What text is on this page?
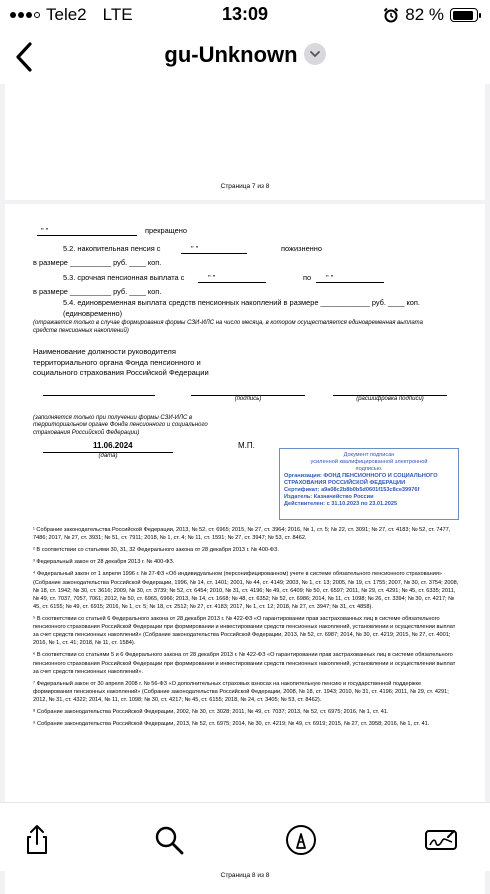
Tele2 LTE	13:09	82 %
gu-Unknown
Страница 7 из 8
" "	прекращено
5.2. накопительная пенсия с	" "	пожизненно
в размере __________ руб. ____ коп.
5.3. срочная пенсионная выплата с	" "	по " "
в размере __________ руб. ____ коп.
5.4. единовременная выплата средств пенсионных накоплений в размере ____________ руб. ____ коп.
(единовременно)
(отражается только в случае формирования формы СЗИ-ИЛС на число месяца, в котором осуществляется единовременная выплата средств пенсионных накоплений)
Наименование должности руководителя
территориального органа Фонда пенсионного и
социального страхования Российской Федерации
(подпись)	(расшифровка подписи)
(заполняется только при получении формы СЗИ-ИЛС в территориальном органе Фонда пенсионного и социального страхования Российской Федерации)
11.06.2024
(дата)
М.П.
Документ подписан
усиленной квалифицированной электронной
подписью.
Организация: ФОНД ПЕНСИОННОГО И СОЦИАЛЬНОГО СТРАХОВАНИЯ РОССИЙСКОЙ ФЕДЕРАЦИИ
Сертификат: a9a08c2b8b0b5d0601f153c8ce39976f
Издатель: Казначейство России
Действителен: с 31.10.2023 по 23.01.2025
¹ Собрание законодательства Российской Федерации, 2013, № 52, ст. 6965; 2015, № 27, ст. 3964; 2016, № 1, ст. 5; № 22, ст. 3091; № 27, ст. 4183; № 52, ст. 7477, 7486; 2017, № 27, ст. 3931; № 51, ст. 7911; 2018, № 1, ст. 4; № 11, ст. 1591; № 27, ст. 3947; № 53, ст. 8462.
² В соответствии со статьями 30, 31, 32 Федерального закона от 28 декабря 2013 г. № 400-ФЗ.
³ Федеральный закон от 28 декабря 2013 г. № 400-ФЗ.
⁴ Федеральный закон от 1 апреля 1996 г. № 27-ФЗ «Об индивидуальном (персонифицированном) учете в системе обязательного пенсионного страхования» (Собрание законодательства Российской Федерации, 1996, № 14, ст. 1401; 2001, № 44, ст. 4149; 2003, № 1, ст. 13; 2005, № 19, ст. 1755; 2007, № 30, ст. 3754; 2008, № 18, ст. 1942; № 30, ст. 3616; 2009, № 30, ст. 3739; № 52, ст. 6454; 2010, № 31, ст. 4196; № 49, ст. 6409; № 50, ст. 6597; 2011, № 29, ст. 4291; № 45, ст. 6335; 2011, № 49, ст. 7037, 7057, 7061; 2012, № 50, ст. 6965, 6966; 2013, № 14, ст. 1668; № 48, ст. 6352; № 52, ст. 6986; 2014, № 11, ст. 1098; № 26, ст. 3394; № 30, ст. 4217; № 45, ст. 6155; № 49, ст. 6915; 2016, № 1, ст. 5; № 18, ст. 2512; № 27, ст. 4183; 2017, № 1, ст. 12; 2018, № 27, ст. 3947; № 31, ст. 4858).
⁵ В соответствии со статьей 6 Федерального закона от 28 декабря 2013 г. № 422-ФЗ «О гарантировании прав застрахованных лиц в системе обязательного пенсионного страхования Российской Федерации при формировании и инвестировании средств пенсионных накоплений, установлении и осуществлении выплат за счет средств пенсионных накоплений» (Собрание законодательства Российской Федерации, 2013, № 52, ст. 6987; 2014, № 30, ст. 4219; 2015, № 27, ст. 4001; 2016, № 1, ст. 41; 2018, № 11, ст. 1584).
⁶ В соответствии со статьями 5 и 6 Федерального закона от 28 декабря 2013 г. № 422-ФЗ «О гарантировании прав застрахованных лиц в системе обязательного пенсионного страхования Российской Федерации при формировании и инвестировании средств пенсионных накоплений, установлении и осуществлении выплат за счет средств пенсионных накоплений».
⁷ Федеральный закон от 30 апреля 2008 г. № 56-ФЗ «О дополнительных страховых взносах на накопительную пенсию и государственной поддержке формирования пенсионных накоплений» (Собрание законодательства Российской Федерации, 2008, № 18, ст. 1943; 2010, № 31, ст. 4196; 2011, № 29, ст. 4291; 2012, № 31, ст. 4322; 2014, № 11, ст. 1098; № 30, ст. 4217; № 45, ст. 6155; 2018, № 24, ст. 3405; № 53, ст. 8462).
⁸ Собрание законодательства Российской Федерации, 2002, № 30, ст. 3028; 2011, № 49, ст. 7037; 2013, № 52, ст. 6975; 2016, № 1, ст. 41.
⁹ Собрание законодательства Российской Федерации, 2013, № 52, ст. 6975; 2014, № 30, ст. 4219; № 49, ст. 6919; 2015, № 27, ст. 3958; 2016, № 1, ст. 41.
Страница 8 из 8
